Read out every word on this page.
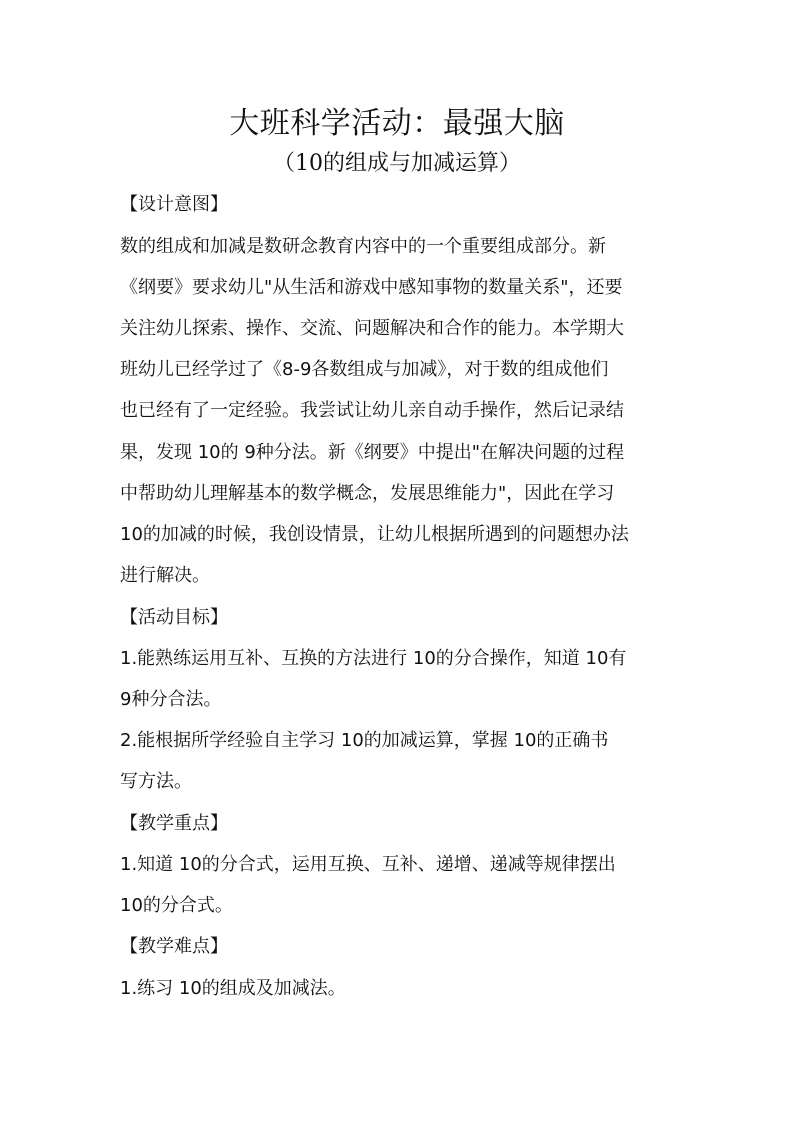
大班科学活动：最强大脑
（10的组成与加减运算）
【设计意图】
数的组成和加减是数研念教育内容中的一个重要组成部分。新
《纲要》要求幼儿"从生活和游戏中感知事物的数量关系"，还要
关注幼儿探索、操作、交流、问题解决和合作的能力。本学期大
班幼儿已经学过了《8-9各数组成与加减》，对于数的组成他们
也已经有了一定经验。我尝试让幼儿亲自动手操作，然后记录结
果，发现 10的 9种分法。新《纲要》中提出"在解决问题的过程
中帮助幼儿理解基本的数学概念，发展思维能力"，因此在学习
10的加减的时候，我创设情景，让幼儿根据所遇到的问题想办法
进行解决。
【活动目标】
1.能熟练运用互补、互换的方法进行 10的分合操作，知道 10有
9种分合法。
2.能根据所学经验自主学习 10的加减运算，掌握 10的正确书
写方法。
【教学重点】
1.知道 10的分合式，运用互换、互补、递增、递减等规律摆出
10的分合式。
【教学难点】
1.练习 10的组成及加减法。
